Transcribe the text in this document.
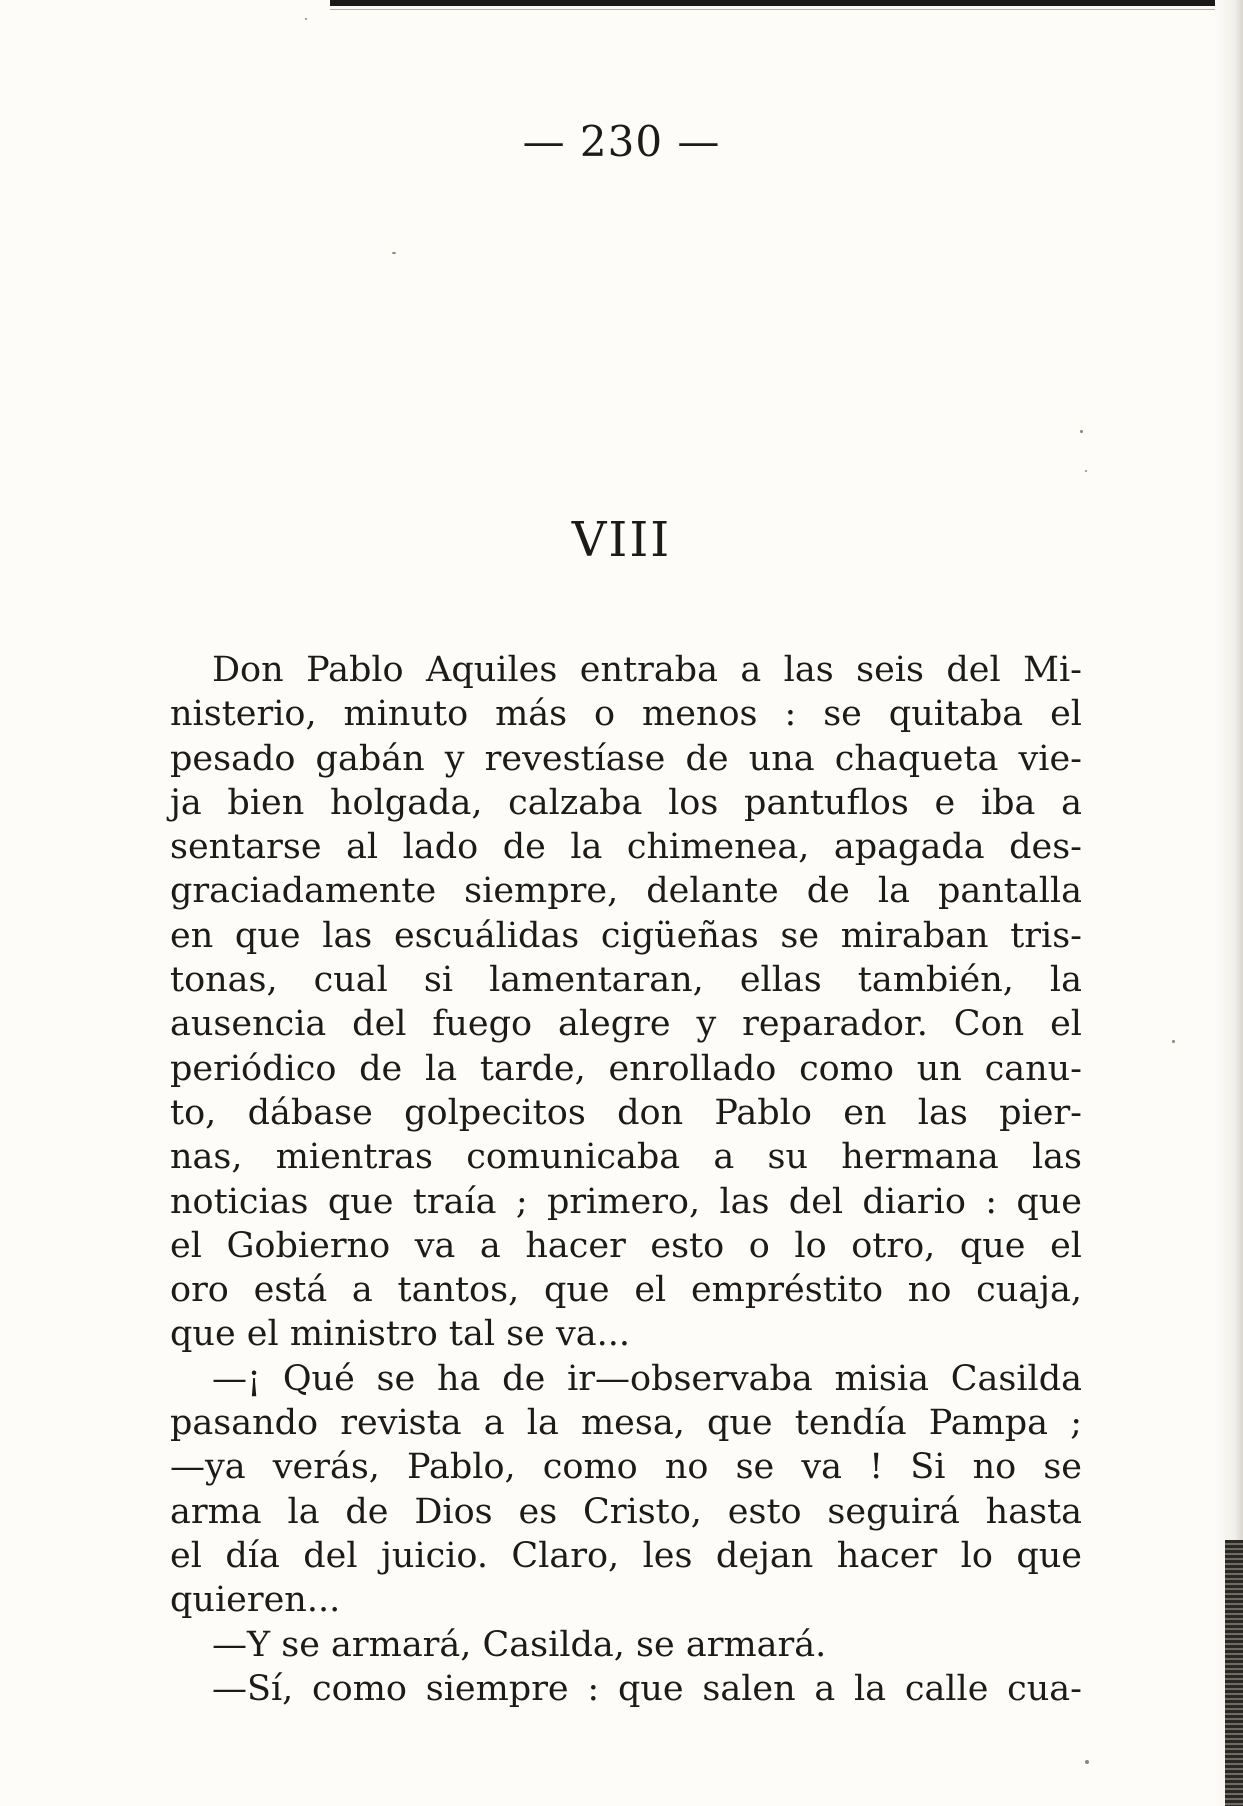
— 230 —
VIII
Don Pablo Aquiles entraba a las seis del Mi-
nisterio, minuto más o menos : se quitaba el
pesado gabán y revestíase de una chaqueta vie-
ja bien holgada, calzaba los pantuflos e iba a
sentarse al lado de la chimenea, apagada des-
graciadamente siempre, delante de la pantalla
en que las escuálidas cigüeñas se miraban tris-
tonas, cual si lamentaran, ellas también, la
ausencia del fuego alegre y reparador. Con el
periódico de la tarde, enrollado como un canu-
to, dábase golpecitos don Pablo en las pier-
nas, mientras comunicaba a su hermana las
noticias que traía ; primero, las del diario : que
el Gobierno va a hacer esto o lo otro, que el
oro está a tantos, que el empréstito no cuaja,
que el ministro tal se va...
—¡ Qué se ha de ir—observaba misia Casilda
pasando revista a la mesa, que tendía Pampa ;
—ya verás, Pablo, como no se va ! Si no se
arma la de Dios es Cristo, esto seguirá hasta
el día del juicio. Claro, les dejan hacer lo que
quieren...
—Y se armará, Casilda, se armará.
—Sí, como siempre : que salen a la calle cua-
